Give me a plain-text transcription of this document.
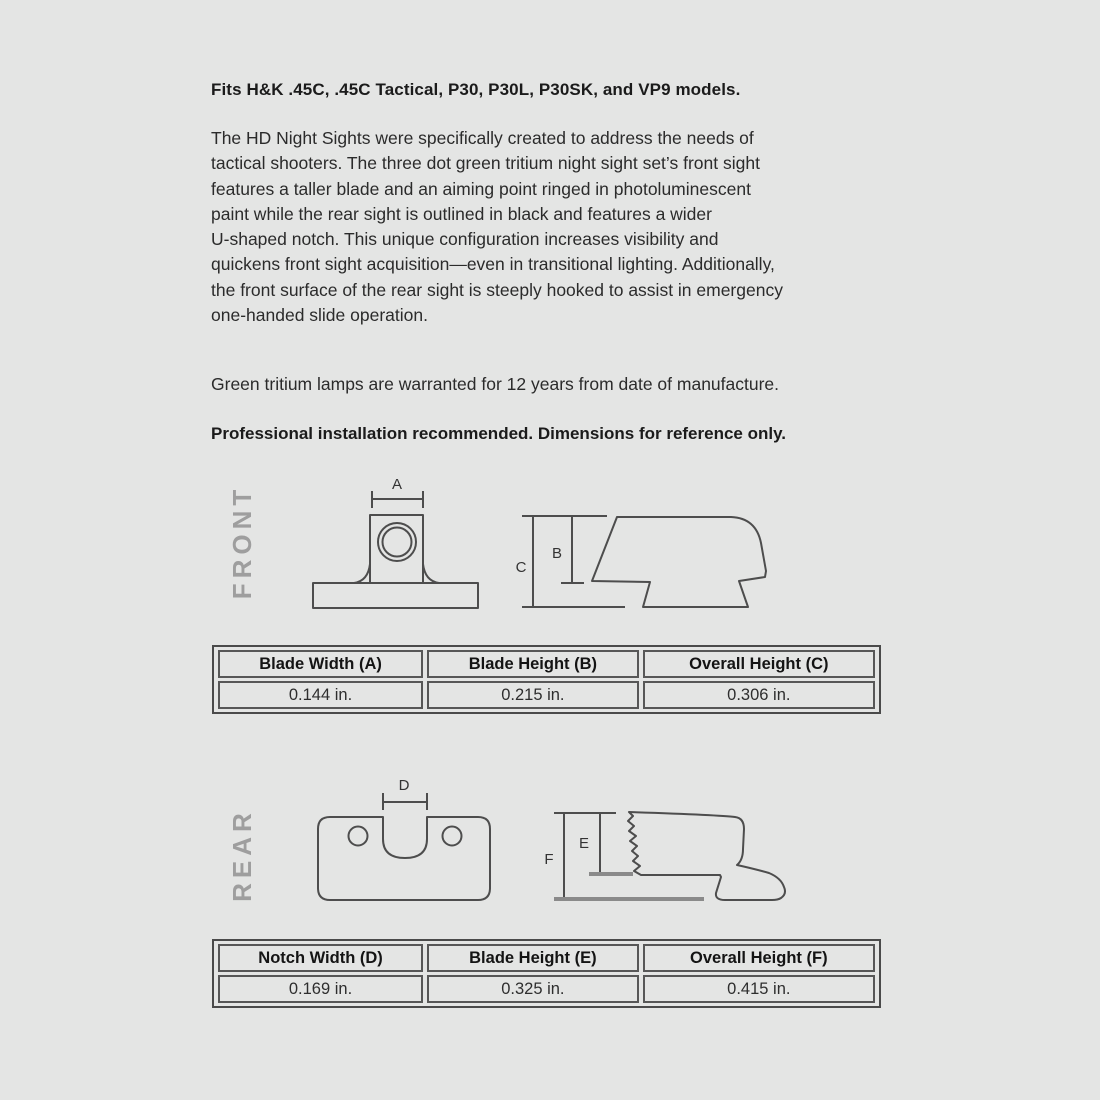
Fits H&K .45C, .45C Tactical, P30, P30L, P30SK, and VP9 models.
The HD Night Sights were specifically created to address the needs of
tactical shooters. The three dot green tritium night sight set’s front sight
features a taller blade and an aiming point ringed in photoluminescent
paint while the rear sight is outlined in black and features a wider
U-shaped notch. This unique configuration increases visibility and
quickens front sight acquisition—even in transitional lighting. Additionally,
the front surface of the rear sight is steeply hooked to assist in emergency
one-handed slide operation.
Green tritium lamps are warranted for 12 years from date of manufacture.
Professional installation recommended. Dimensions for reference only.
FRONT
A
C
B
Blade Width (A)	Blade Height (B)	Overall Height (C)
0.144 in.	0.215 in.	0.306 in.
REAR
D
F
E
Notch Width (D)	Blade Height (E)	Overall Height (F)
0.169 in.	0.325 in.	0.415 in.
